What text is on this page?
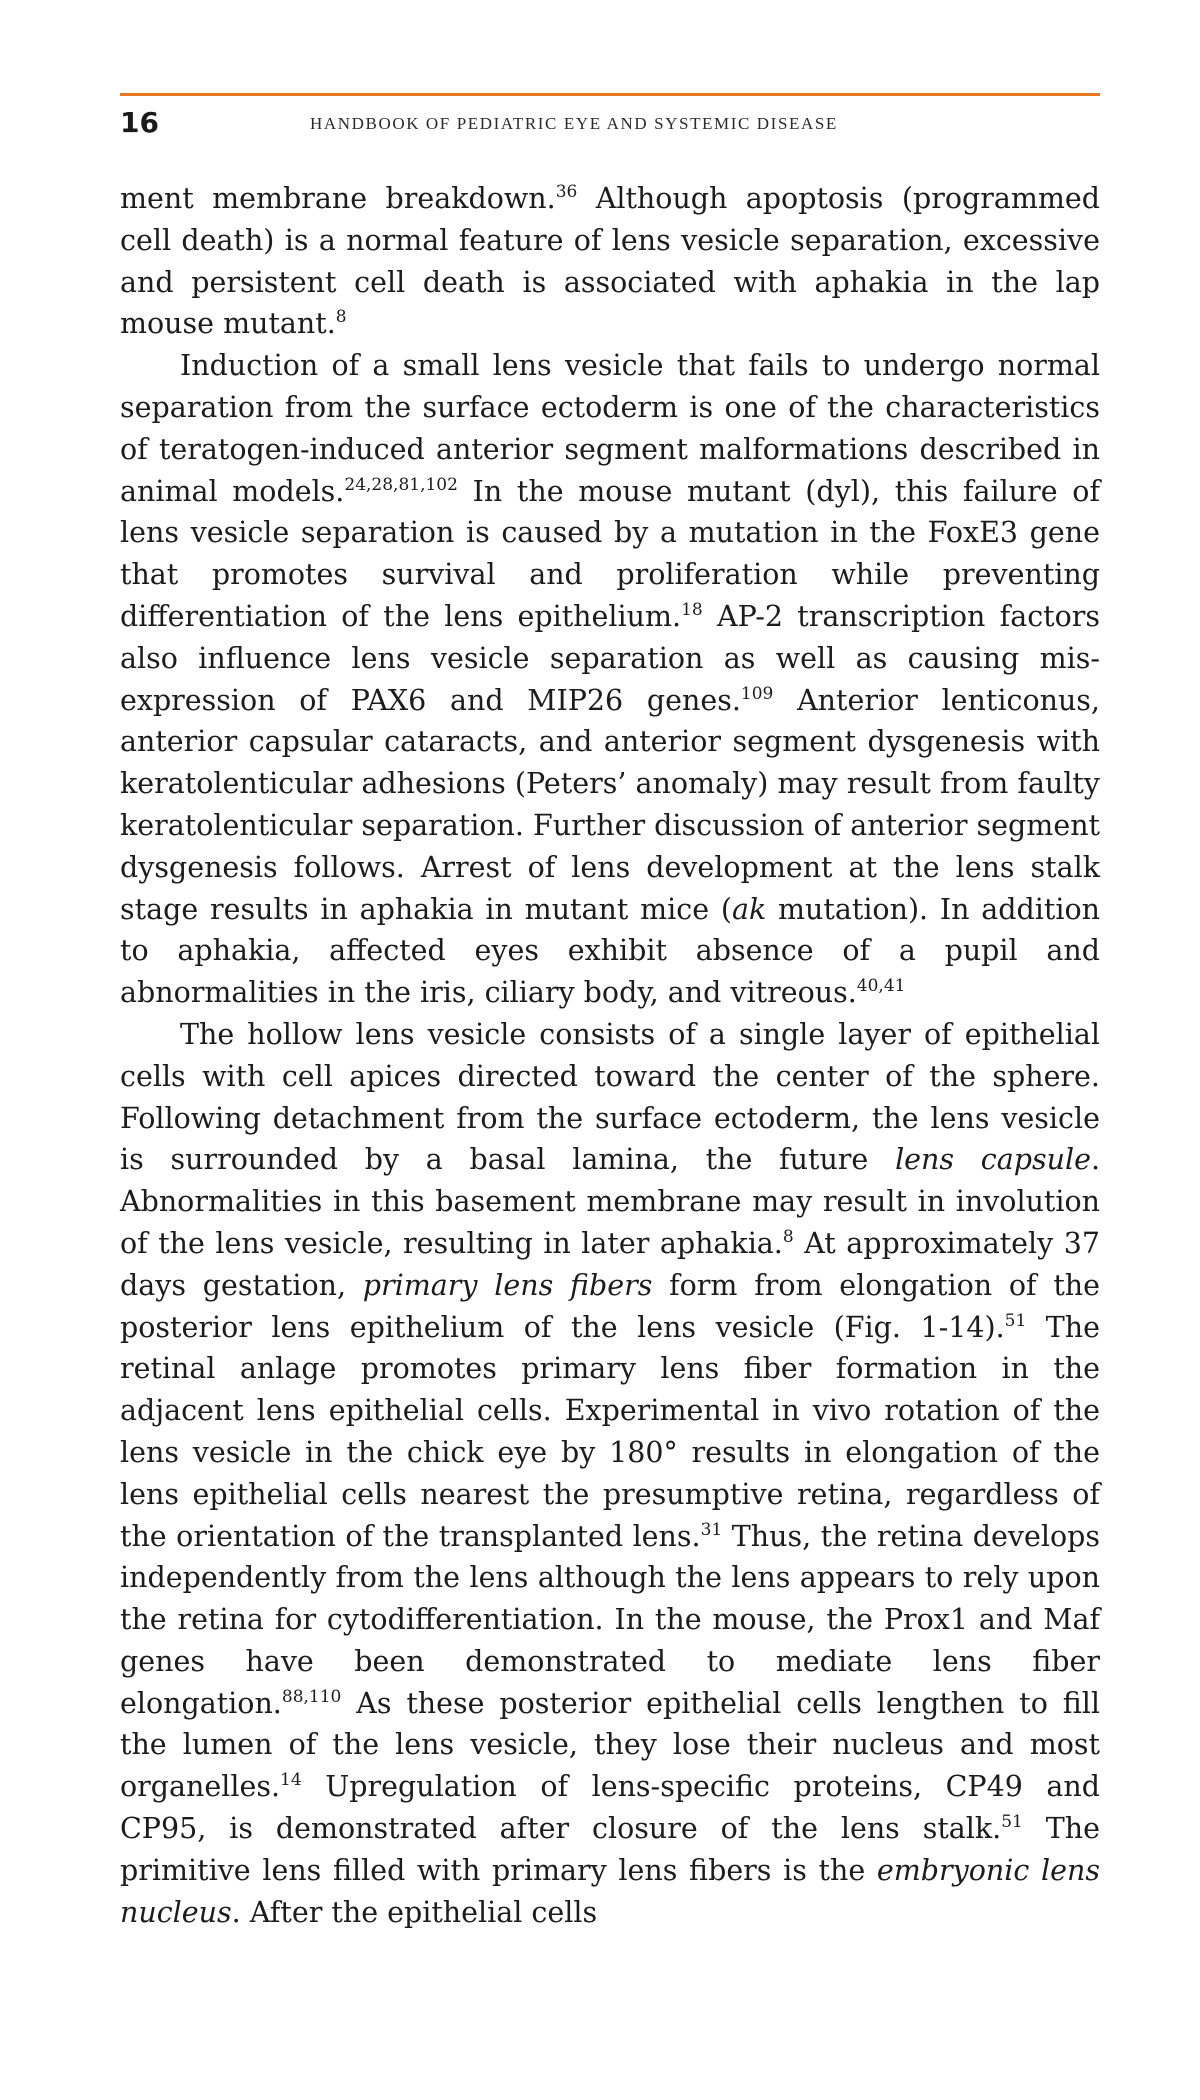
16	HANDBOOK OF PEDIATRIC EYE AND SYSTEMIC DISEASE

ment membrane breakdown.$^{36}$ Although apoptosis (programmed cell death) is a normal feature of lens vesicle separation, excessive and persistent cell death is associated with aphakia in the lap mouse mutant.$^8$

Induction of a small lens vesicle that fails to undergo normal separation from the surface ectoderm is one of the characteristics of teratogen-induced anterior segment malformations described in animal models.$^{24,28,81,102}$ In the mouse mutant (dyl), this failure of lens vesicle separation is caused by a mutation in the FoxE3 gene that promotes survival and proliferation while preventing differentiation of the lens epithelium.$^{18}$ AP-2 transcription factors also influence lens vesicle separation as well as causing mis-expression of PAX6 and MIP26 genes.$^{109}$ Anterior lenticonus, anterior capsular cataracts, and anterior segment dysgenesis with keratolenticular adhesions (Peters’ anomaly) may result from faulty keratolenticular separation. Further discussion of anterior segment dysgenesis follows. Arrest of lens development at the lens stalk stage results in aphakia in mutant mice (ak mutation). In addition to aphakia, affected eyes exhibit absence of a pupil and abnormalities in the iris, ciliary body, and vitreous.$^{40,41}$

The hollow lens vesicle consists of a single layer of epithelial cells with cell apices directed toward the center of the sphere. Following detachment from the surface ectoderm, the lens vesicle is surrounded by a basal lamina, the future lens capsule. Abnormalities in this basement membrane may result in involution of the lens vesicle, resulting in later aphakia.$^8$ At approximately 37 days gestation, primary lens fibers form from elongation of the posterior lens epithelium of the lens vesicle (Fig. 1-14).$^{51}$ The retinal anlage promotes primary lens fiber formation in the adjacent lens epithelial cells. Experimental in vivo rotation of the lens vesicle in the chick eye by 180° results in elongation of the lens epithelial cells nearest the presumptive retina, regardless of the orientation of the transplanted lens.$^{31}$ Thus, the retina develops independently from the lens although the lens appears to rely upon the retina for cytodifferentiation. In the mouse, the Prox1 and Maf genes have been demonstrated to mediate lens fiber elongation.$^{88,110}$ As these posterior epithelial cells lengthen to fill the lumen of the lens vesicle, they lose their nucleus and most organelles.$^{14}$ Upregulation of lens-specific proteins, CP49 and CP95, is demonstrated after closure of the lens stalk.$^{51}$ The primitive lens filled with primary lens fibers is the embryonic lens nucleus. After the epithelial cells
